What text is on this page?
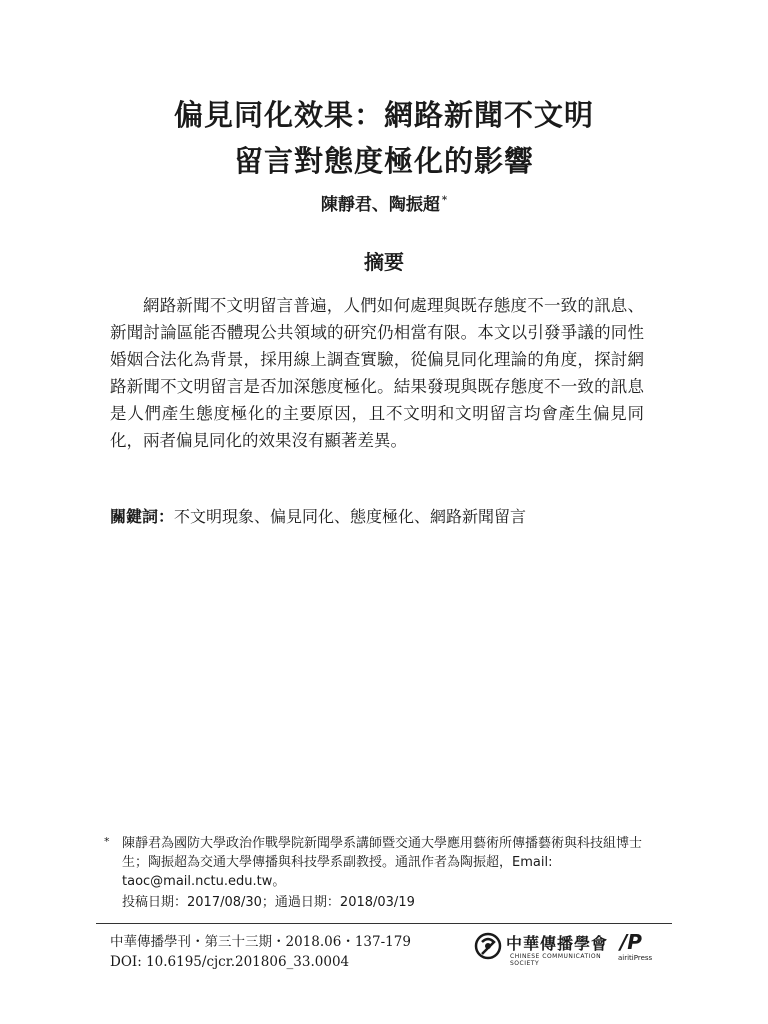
偏見同化效果：網路新聞不文明
留言對態度極化的影響
陳靜君、陶振超 *
摘要
網路新聞不文明留言普遍，人們如何處理與既存態度不一致的訊息、新聞討論區能否體現公共領域的研究仍相當有限。本文以引發爭議的同性婚姻合法化為背景，採用線上調查實驗，從偏見同化理論的角度，探討網路新聞不文明留言是否加深態度極化。結果發現與既存態度不一致的訊息是人們產生態度極化的主要原因，且不文明和文明留言均會產生偏見同化，兩者偏見同化的效果沒有顯著差異。
關鍵詞：不文明現象、偏見同化、態度極化、網路新聞留言
* 陳靜君為國防大學政治作戰學院新聞學系講師暨交通大學應用藝術所傳播藝術與科技組博士生；陶振超為交通大學傳播與科技學系副教授。通訊作者為陶振超，Email: taoc@mail.nctu.edu.tw。
投稿日期：2017/08/30；通過日期：2018/03/19
中華傳播學刊・第三十三期・2018.06・137-179
DOI: 10.6195/cjcr.201806_33.0004
中華傳播學會
CHINESE COMMUNICATION SOCIETY
/P
airitiPress
